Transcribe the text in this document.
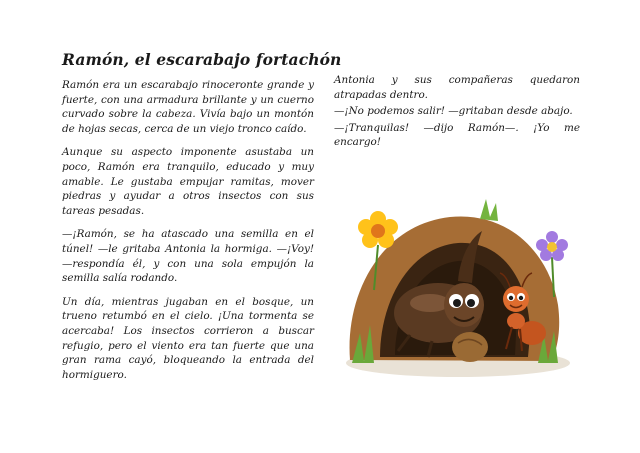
Ramón, el escarabajo fortachón

Ramón era un escarabajo rinoceronte grande y fuerte, con una armadura brillante y un cuerno curvado sobre la cabeza. Vivía bajo un montón de hojas secas, cerca de un viejo tronco caído.

Aunque su aspecto imponente asustaba un poco, Ramón era tranquilo, educado y muy amable. Le gustaba empujar ramitas, mover piedras y ayudar a otros insectos con sus tareas pesadas.

—¡Ramón, se ha atascado una semilla en el túnel! —le gritaba Antonia la hormiga. —¡Voy! —respondía él, y con una sola empujón la semilla salía rodando.

Un día, mientras jugaban en el bosque, un trueno retumbó en el cielo. ¡Una tormenta se acercaba! Los insectos corrieron a buscar refugio, pero el viento era tan fuerte que una gran rama cayó, bloqueando la entrada del hormiguero.

Antonia y sus compañeras quedaron atrapadas dentro.

—¡No podemos salir! —gritaban desde abajo.

—¡Tranquilas! —dijo Ramón—. ¡Yo me encargo!
